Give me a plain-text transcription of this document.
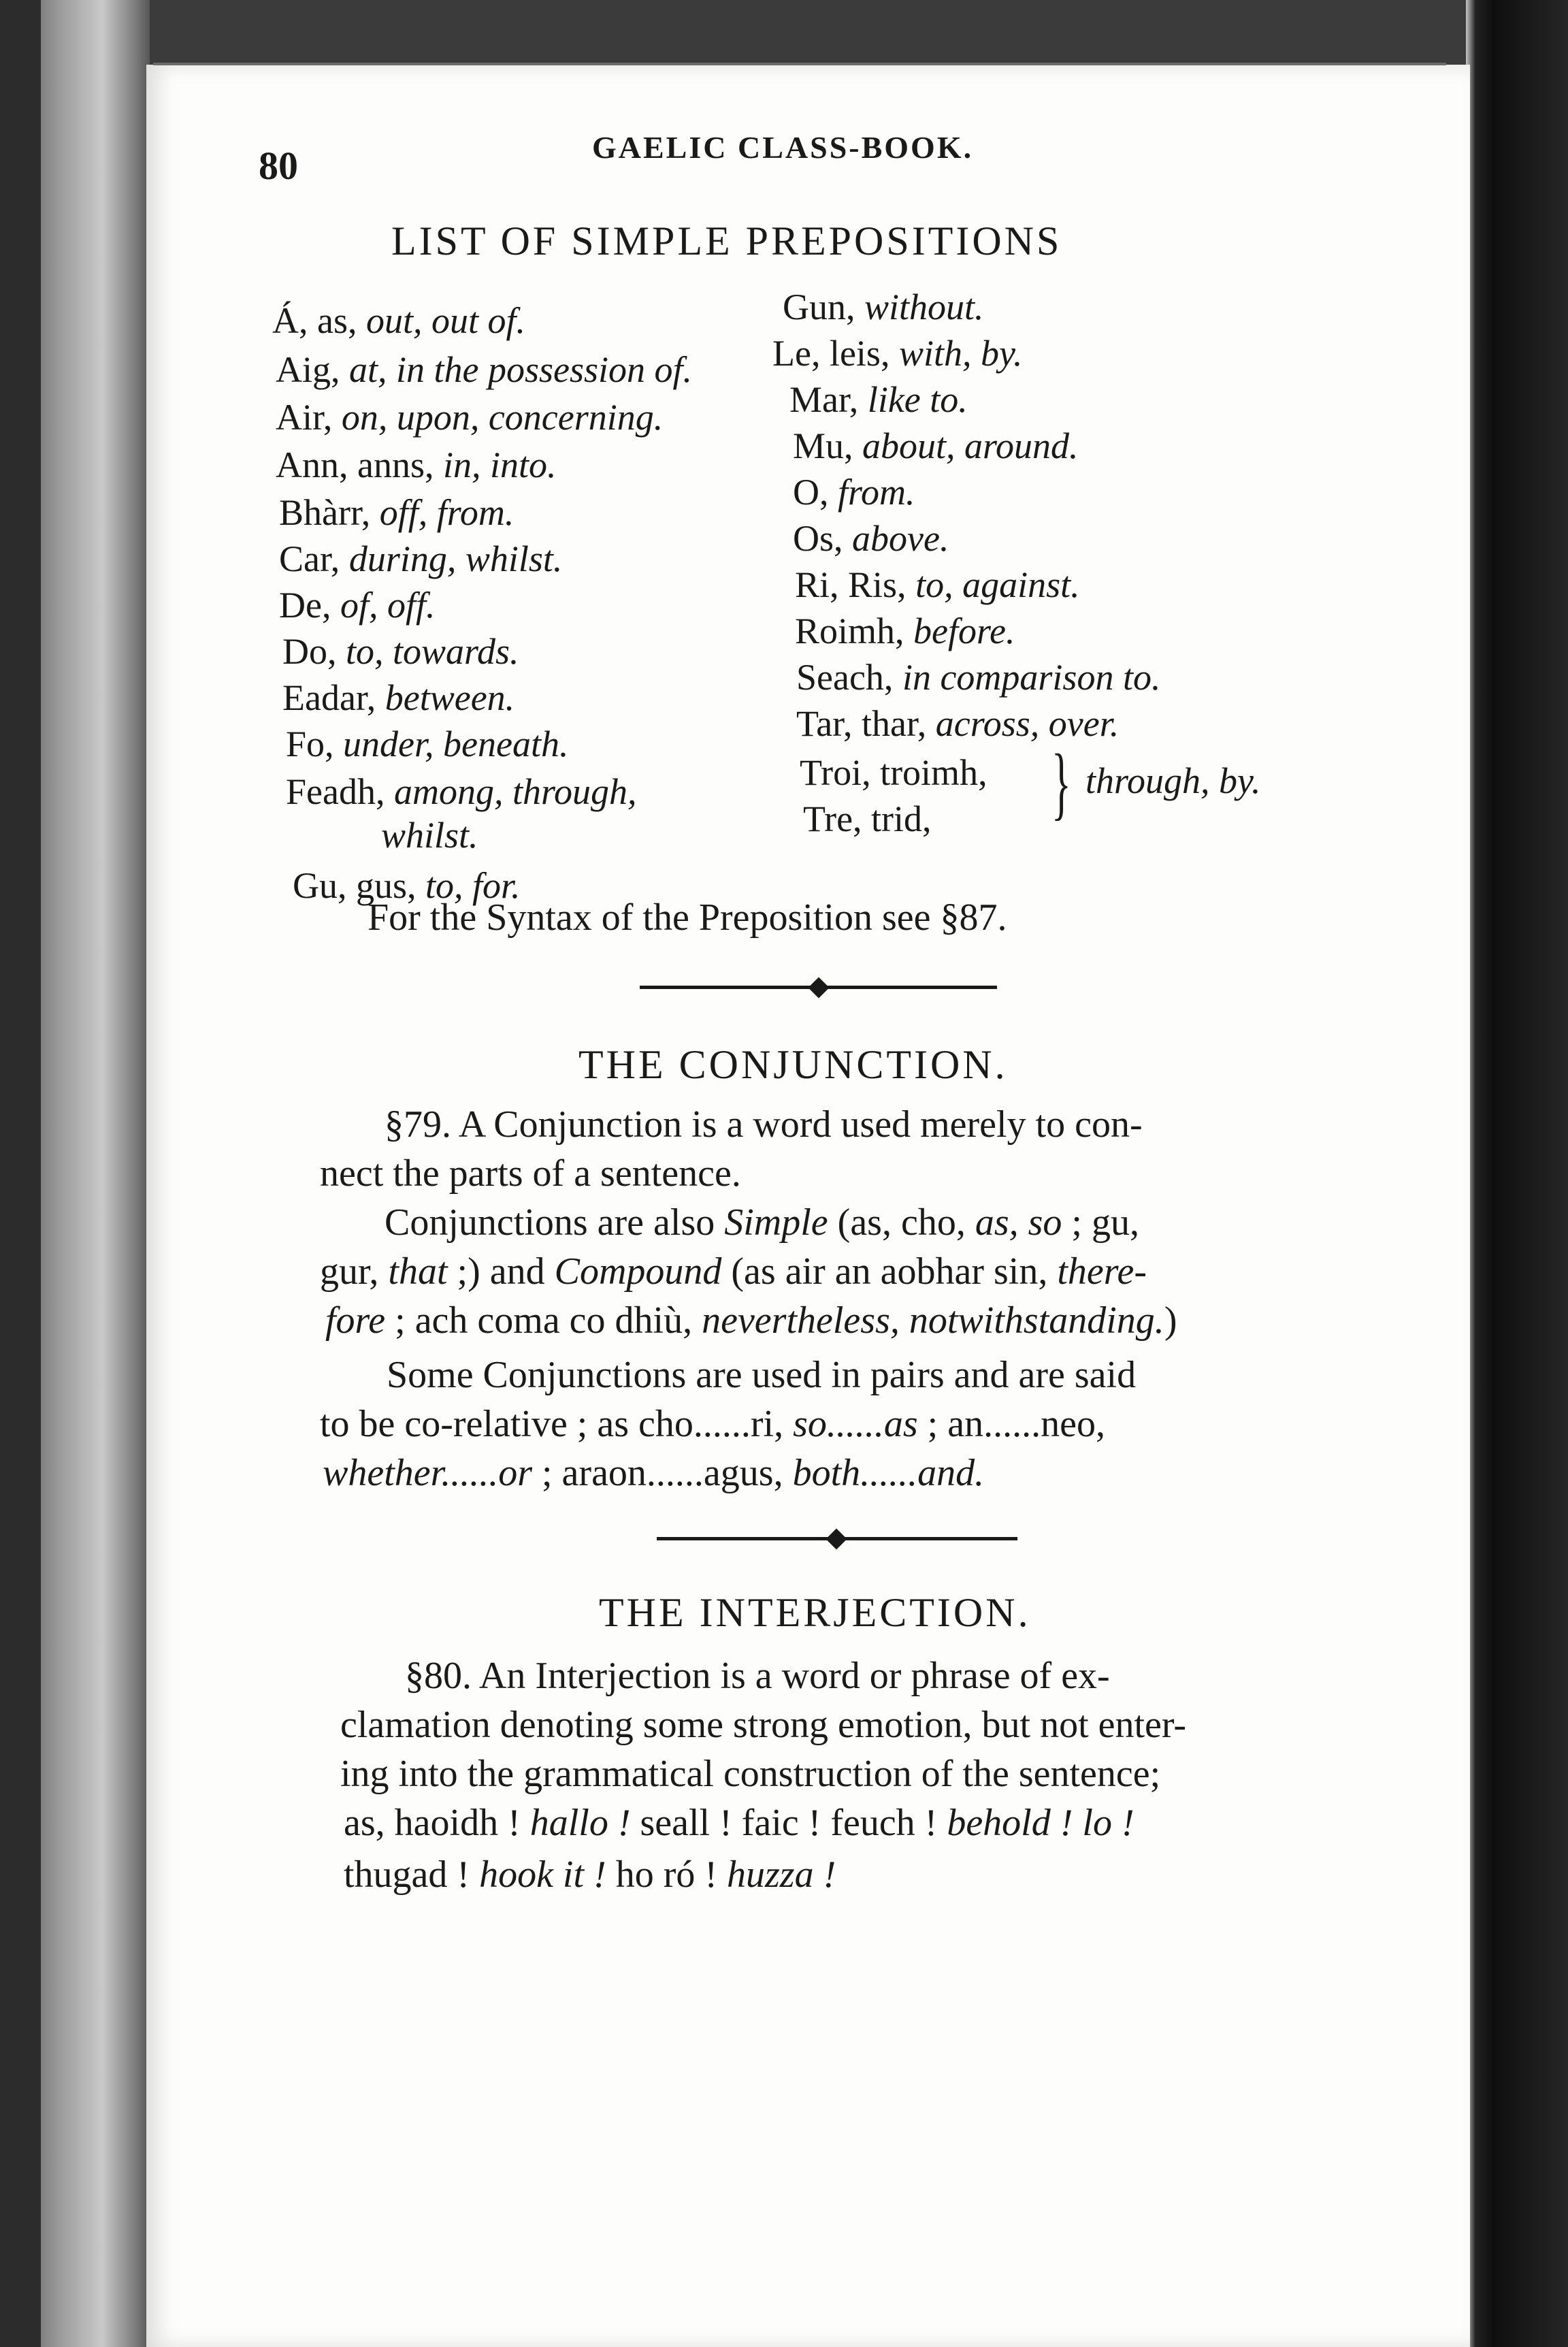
80	GAELIC CLASS-BOOK.
LIST OF SIMPLE PREPOSITIONS
Á, as, out, out of.
Aig, at, in the possession of.
Air, on, upon, concerning.
Ann, anns, in, into.
Bhàrr, off, from.
Car, during, whilst.
De, of, off.
Do, to, towards.
Eadar, between.
Fo, under, beneath.
Feadh, among, through,
whilst.
Gu, gus, to, for.
Gun, without.
Le, leis, with, by.
Mar, like to.
Mu, about, around.
O, from.
Os, above.
Ri, Ris, to, against.
Roimh, before.
Seach, in comparison to.
Tar, thar, across, over.
Troi, troimh,
Tre, trid, } through, by.
For the Syntax of the Preposition see §87.
THE CONJUNCTION.
§79. A Conjunction is a word used merely to con-
nect the parts of a sentence.
Conjunctions are also Simple (as, cho, as, so ; gu,
gur, that ;) and Compound (as air an aobhar sin, there-
fore ; ach coma co dhiù, nevertheless, notwithstanding.)
Some Conjunctions are used in pairs and are said
to be co-relative ; as cho......ri, so......as ; an......neo,
whether......or ; araon......agus, both......and.
THE INTERJECTION.
§80. An Interjection is a word or phrase of ex-
clamation denoting some strong emotion, but not enter-
ing into the grammatical construction of the sentence;
as, haoidh ! hallo ! seall ! faic ! feuch ! behold ! lo !
thugad ! hook it ! ho ró ! huzza !
